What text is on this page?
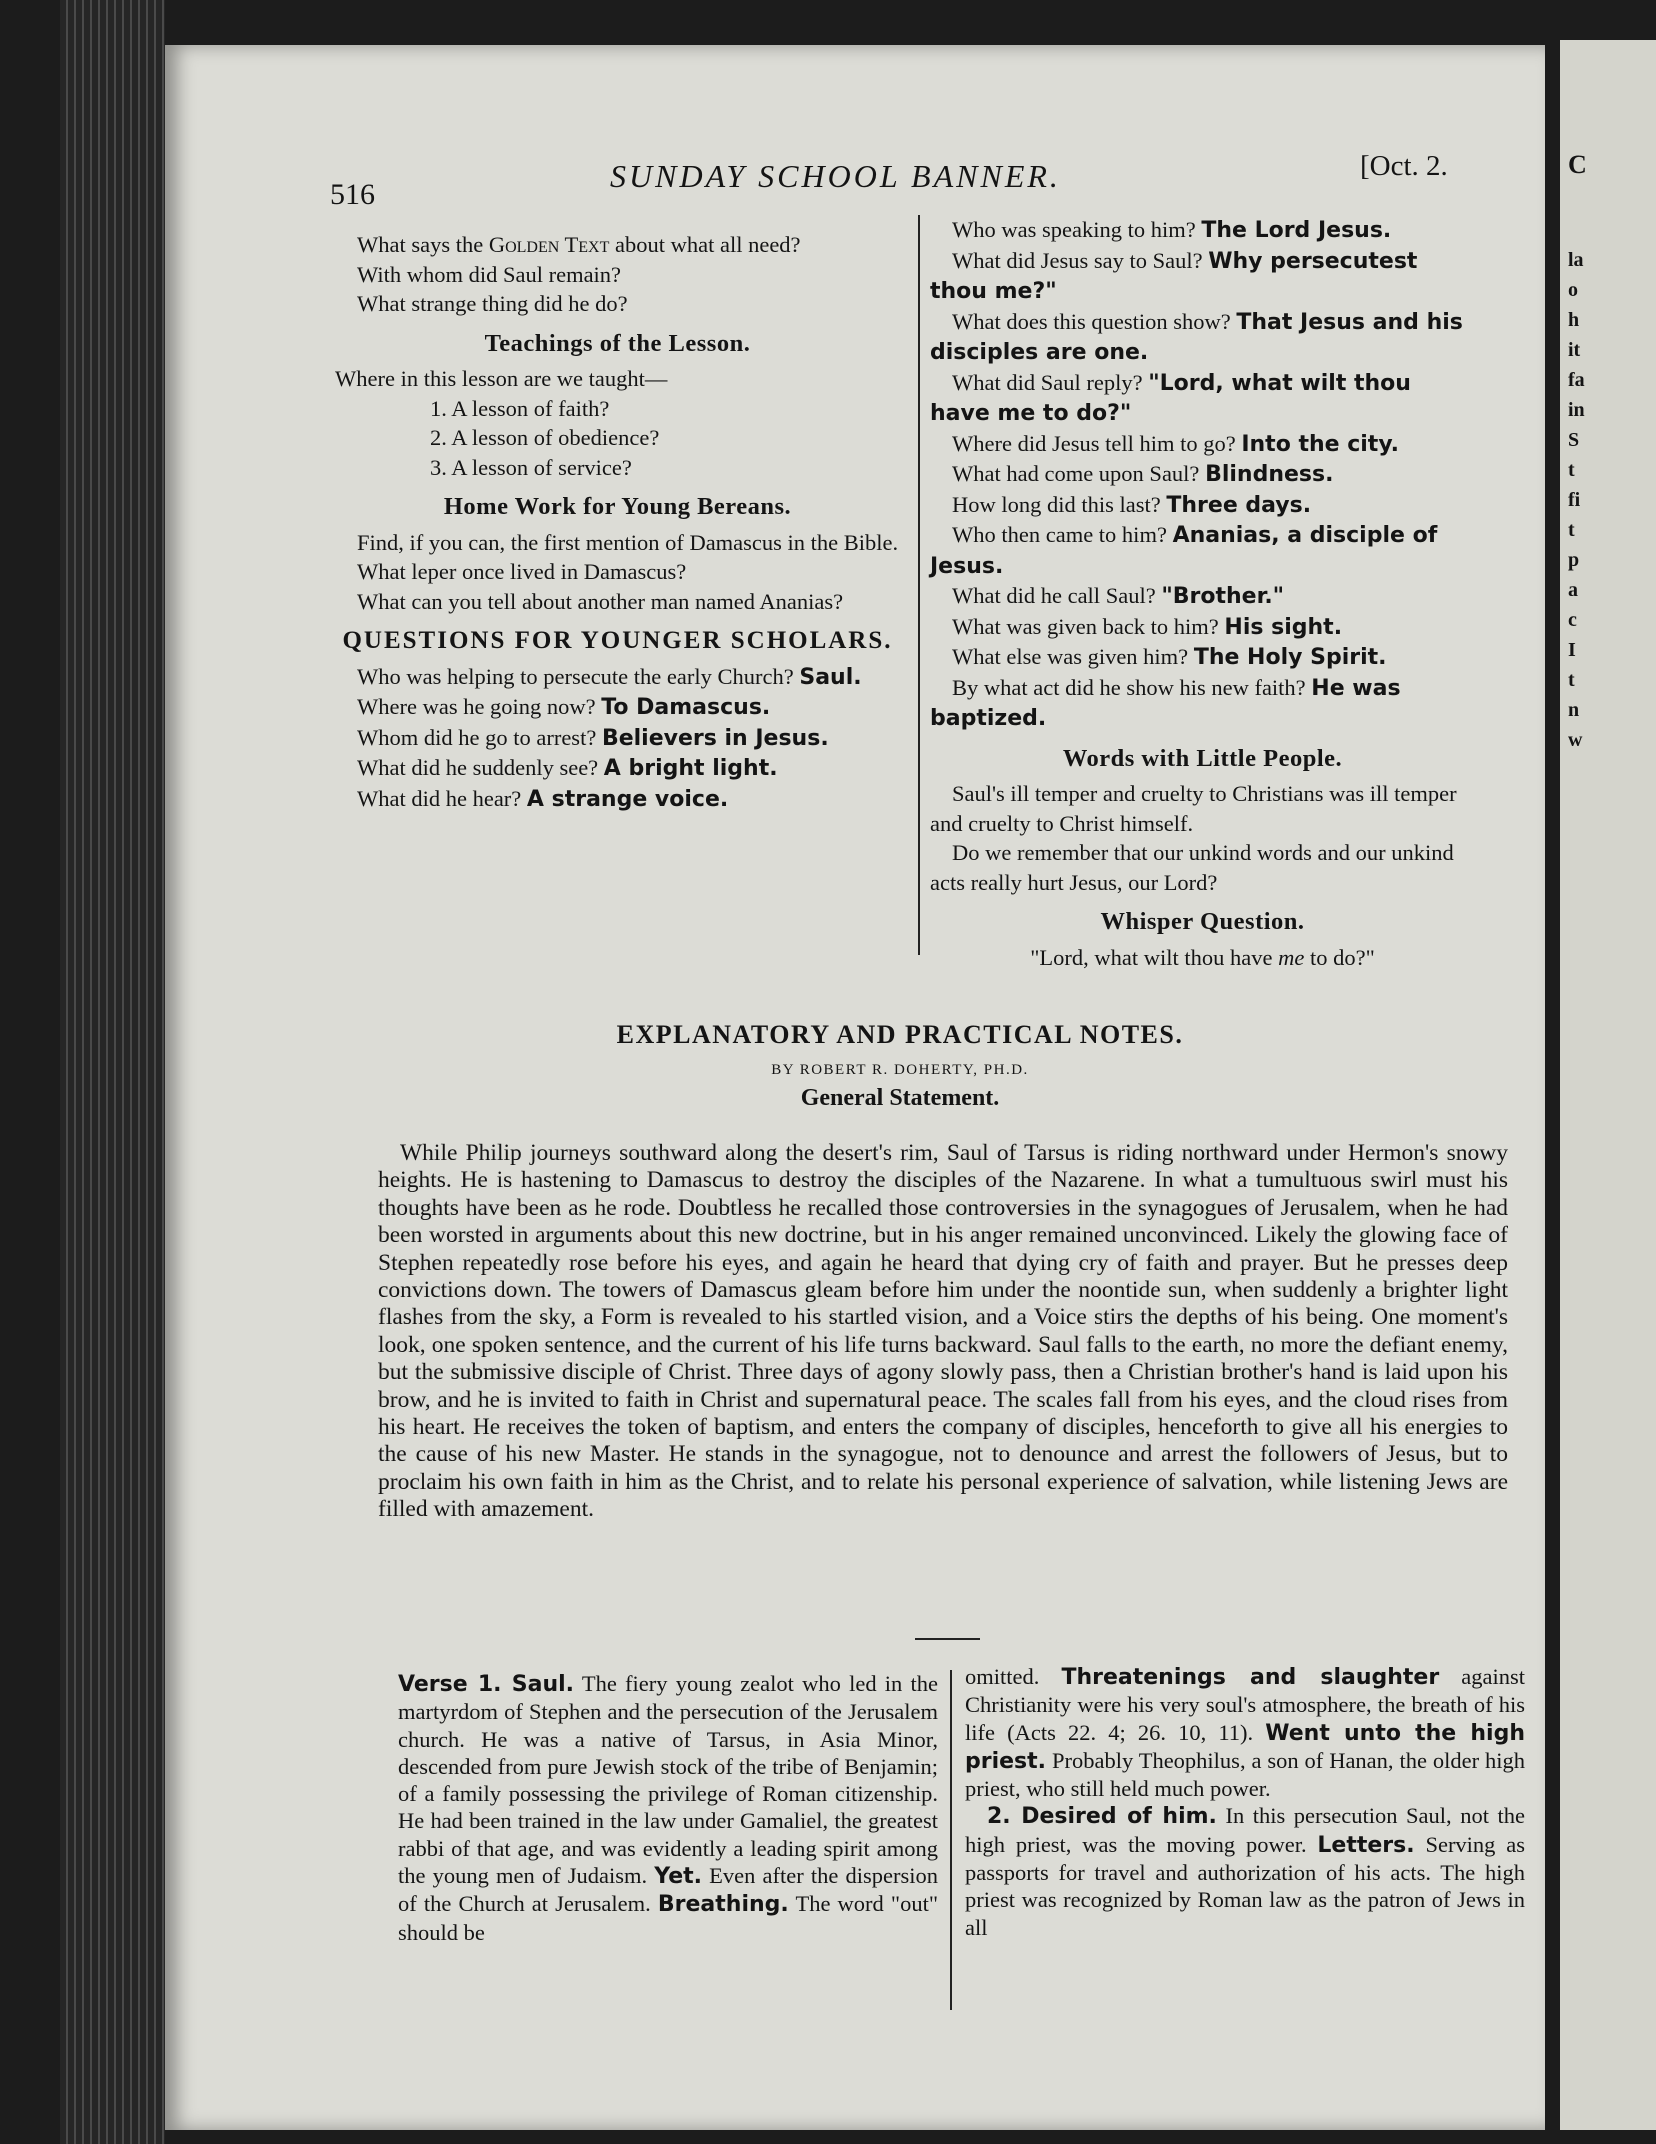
C
la
o
h
it
fa
in
S
t
fi
t
p
a
c
I
t
n
w
516
SUNDAY SCHOOL BANNER.	[Oct. 2.

What says the Golden Text about what all need?

With whom did Saul remain?

What strange thing did he do?

Teachings of the Lesson.

Where in this lesson are we taught—

1. A lesson of faith?

2. A lesson of obedience?

3. A lesson of service?

Home Work for Young Bereans.

Find, if you can, the first mention of Damascus in the Bible.

What leper once lived in Damascus?

What can you tell about another man named Ananias?

QUESTIONS FOR YOUNGER SCHOLARS.

Who was helping to persecute the early Church? Saul.

Where was he going now? To Damascus.

Whom did he go to arrest? Believers in Jesus.

What did he suddenly see? A bright light.

What did he hear? A strange voice.

Who was speaking to him? The Lord Jesus.

What did Jesus say to Saul? Why persecutest thou me?"

What does this question show? That Jesus and his disciples are one.

What did Saul reply? "Lord, what wilt thou have me to do?"

Where did Jesus tell him to go? Into the city.

What had come upon Saul? Blindness.

How long did this last? Three days.

Who then came to him? Ananias, a disciple of Jesus.

What did he call Saul? "Brother."

What was given back to him? His sight.

What else was given him? The Holy Spirit.

By what act did he show his new faith? He was baptized.

Words with Little People.

Saul's ill temper and cruelty to Christians was ill temper and cruelty to Christ himself.

Do we remember that our unkind words and our unkind acts really hurt Jesus, our Lord?

Whisper Question.

"Lord, what wilt thou have me to do?"

EXPLANATORY AND PRACTICAL NOTES.
BY ROBERT R. DOHERTY, PH.D.
General Statement.
While Philip journeys southward along the desert's rim, Saul of Tarsus is riding northward under Hermon's snowy heights. He is hastening to Damascus to destroy the disciples of the Nazarene. In what a tumultuous swirl must his thoughts have been as he rode. Doubtless he recalled those controversies in the synagogues of Jerusalem, when he had been worsted in arguments about this new doctrine, but in his anger remained unconvinced. Likely the glowing face of Stephen repeatedly rose before his eyes, and again he heard that dying cry of faith and prayer. But he presses deep convictions down. The towers of Damascus gleam before him under the noontide sun, when suddenly a brighter light flashes from the sky, a Form is revealed to his startled vision, and a Voice stirs the depths of his being. One moment's look, one spoken sentence, and the current of his life turns backward. Saul falls to the earth, no more the defiant enemy, but the submissive disciple of Christ. Three days of agony slowly pass, then a Christian brother's hand is laid upon his brow, and he is invited to faith in Christ and supernatural peace. The scales fall from his eyes, and the cloud rises from his heart. He receives the token of baptism, and enters the company of disciples, henceforth to give all his energies to the cause of his new Master. He stands in the synagogue, not to denounce and arrest the followers of Jesus, but to proclaim his own faith in him as the Christ, and to relate his personal experience of salvation, while listening Jews are filled with amazement.

Verse 1. Saul. The fiery young zealot who led in the martyrdom of Stephen and the persecution of the Jerusalem church. He was a native of Tarsus, in Asia Minor, descended from pure Jewish stock of the tribe of Benjamin; of a family possessing the privilege of Roman citizenship. He had been trained in the law under Gamaliel, the greatest rabbi of that age, and was evidently a leading spirit among the young men of Judaism. Yet. Even after the dispersion of the Church at Jerusalem. Breathing. The word "out" should be

omitted. Threatenings and slaughter against Christianity were his very soul's atmosphere, the breath of his life (Acts 22. 4; 26. 10, 11). Went unto the high priest. Probably Theophilus, a son of Hanan, the older high priest, who still held much power.

2. Desired of him. In this persecution Saul, not the high priest, was the moving power. Letters. Serving as passports for travel and authorization of his acts. The high priest was recognized by Roman law as the patron of Jews in all
